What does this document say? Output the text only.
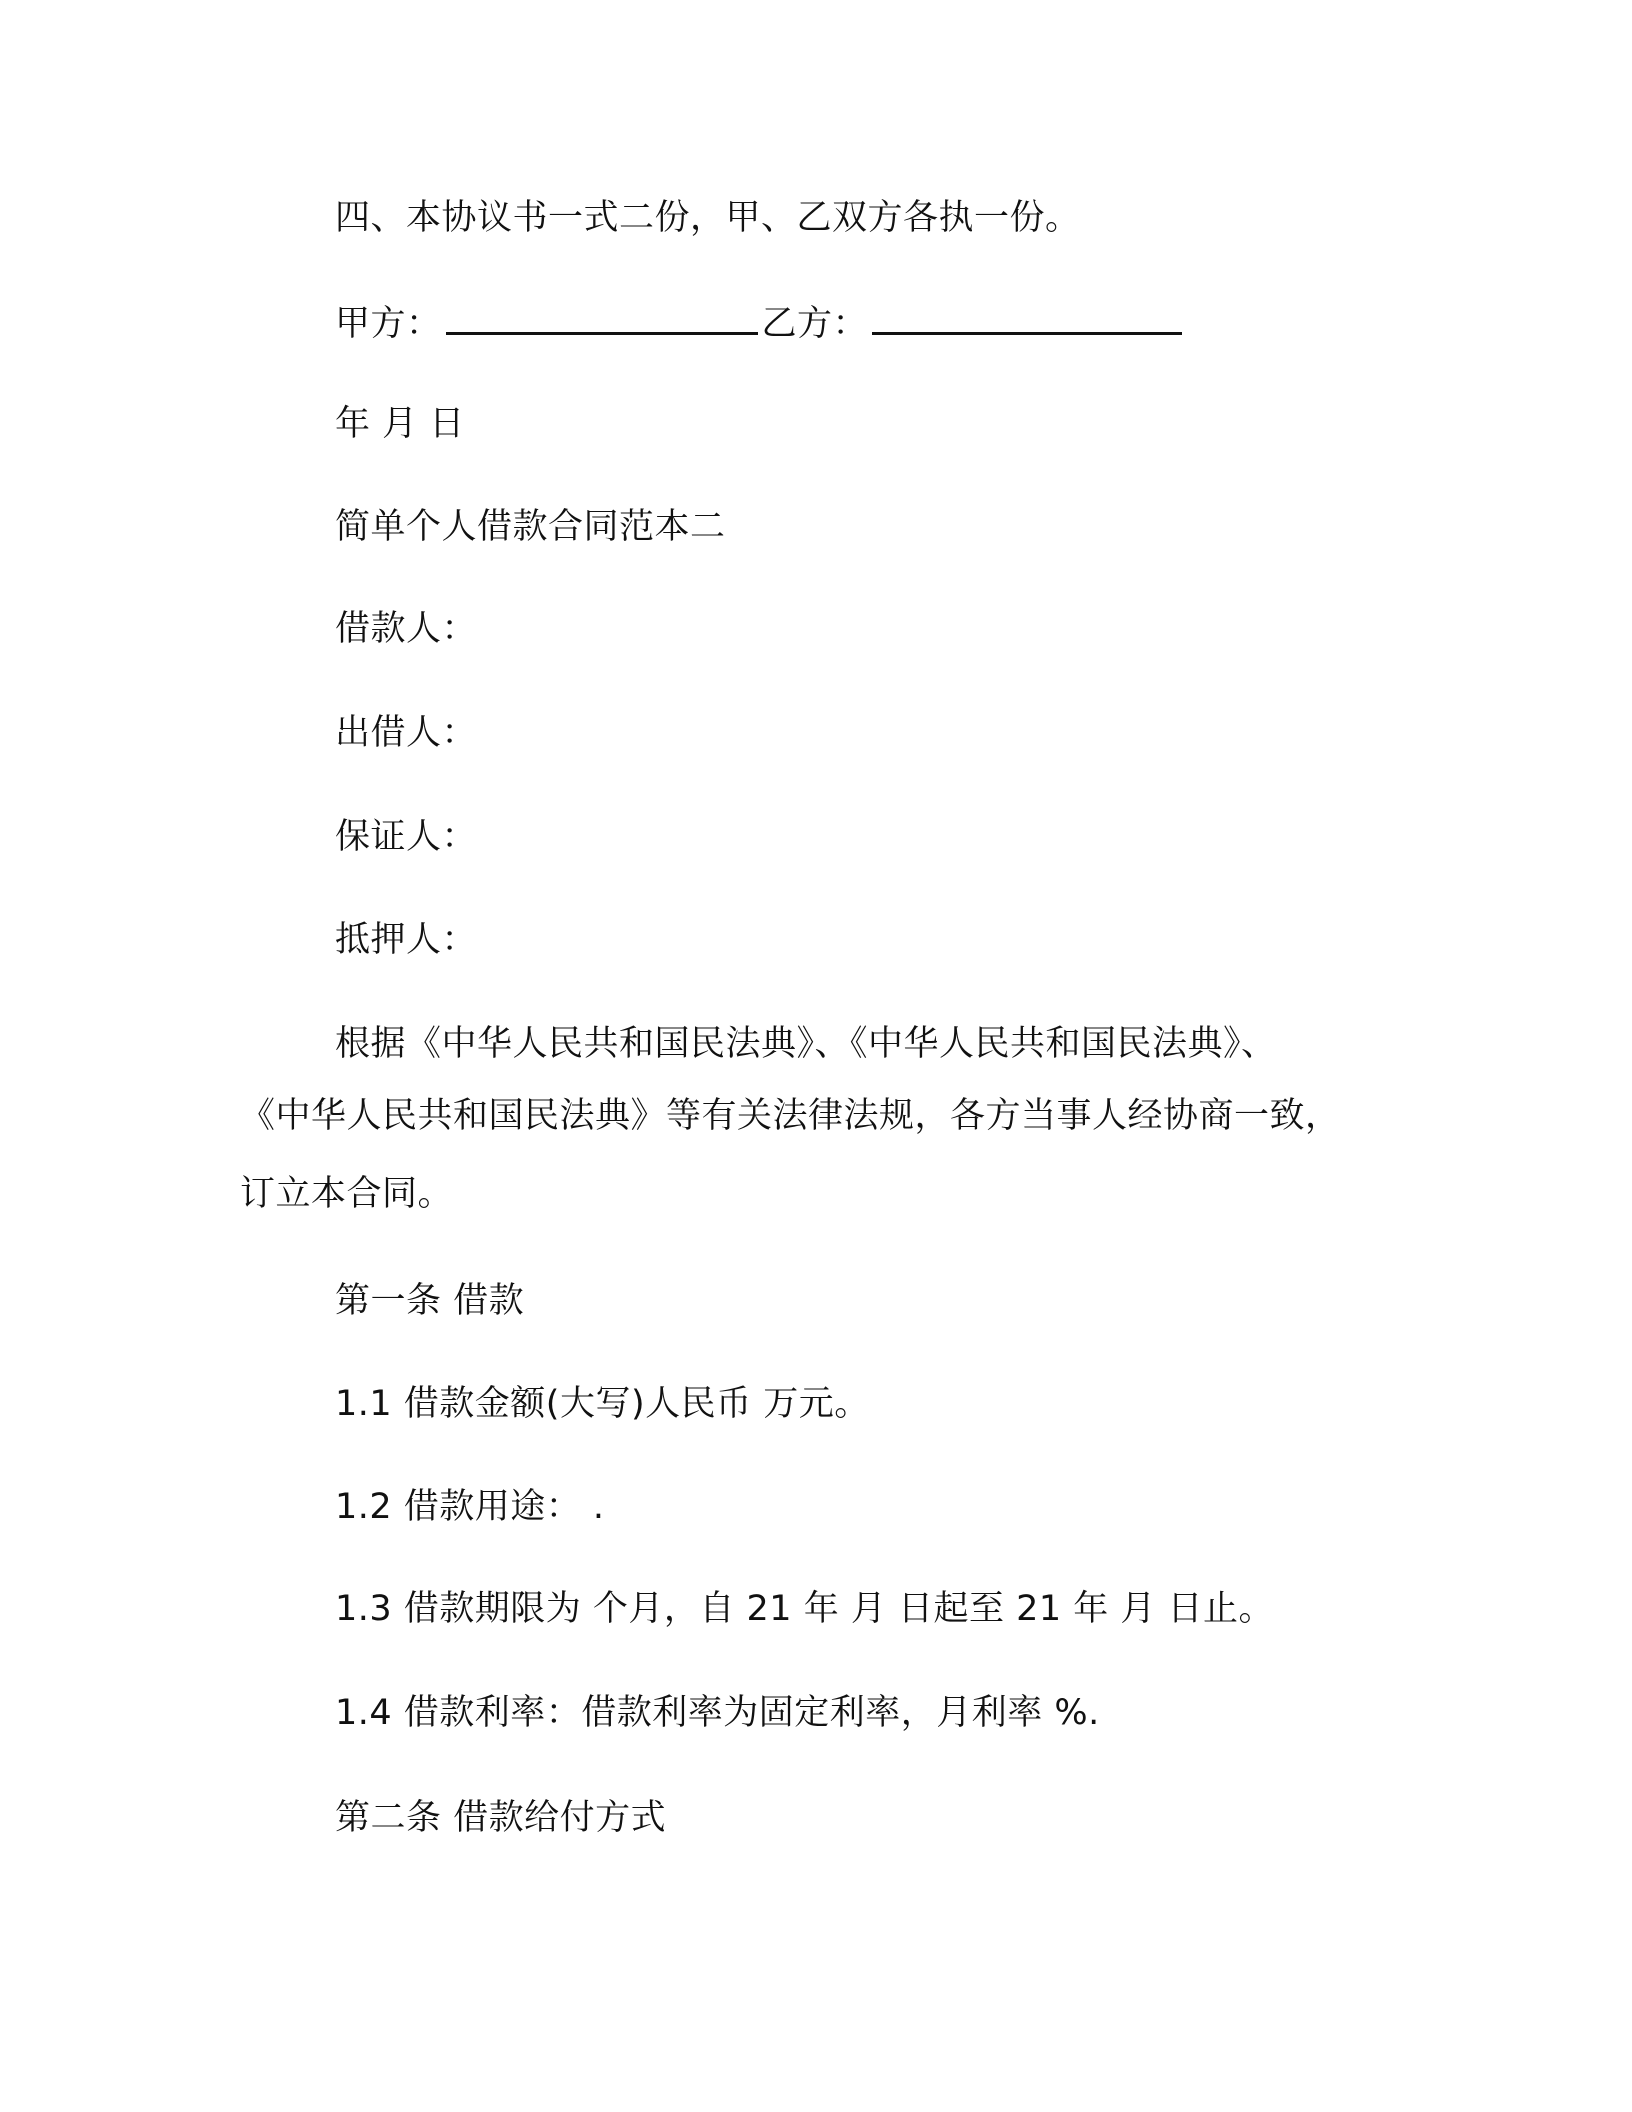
四、本协议书一式二份，甲、乙双方各执一份。
甲方：	乙方：
年 月 日
简单个人借款合同范本二
借款人：
出借人：
保证人：
抵押人：
根据《中华人民共和国民法典》、《中华人民共和国民法典》、
《中华人民共和国民法典》等有关法律法规，各方当事人经协商一致，
订立本合同。
第一条 借款
1.1 借款金额(大写)人民币 万元。
1.2 借款用途： .
1.3 借款期限为 个月，自 21 年 月 日起至 21 年 月 日止。
1.4 借款利率：借款利率为固定利率，月利率 %.
第二条 借款给付方式
